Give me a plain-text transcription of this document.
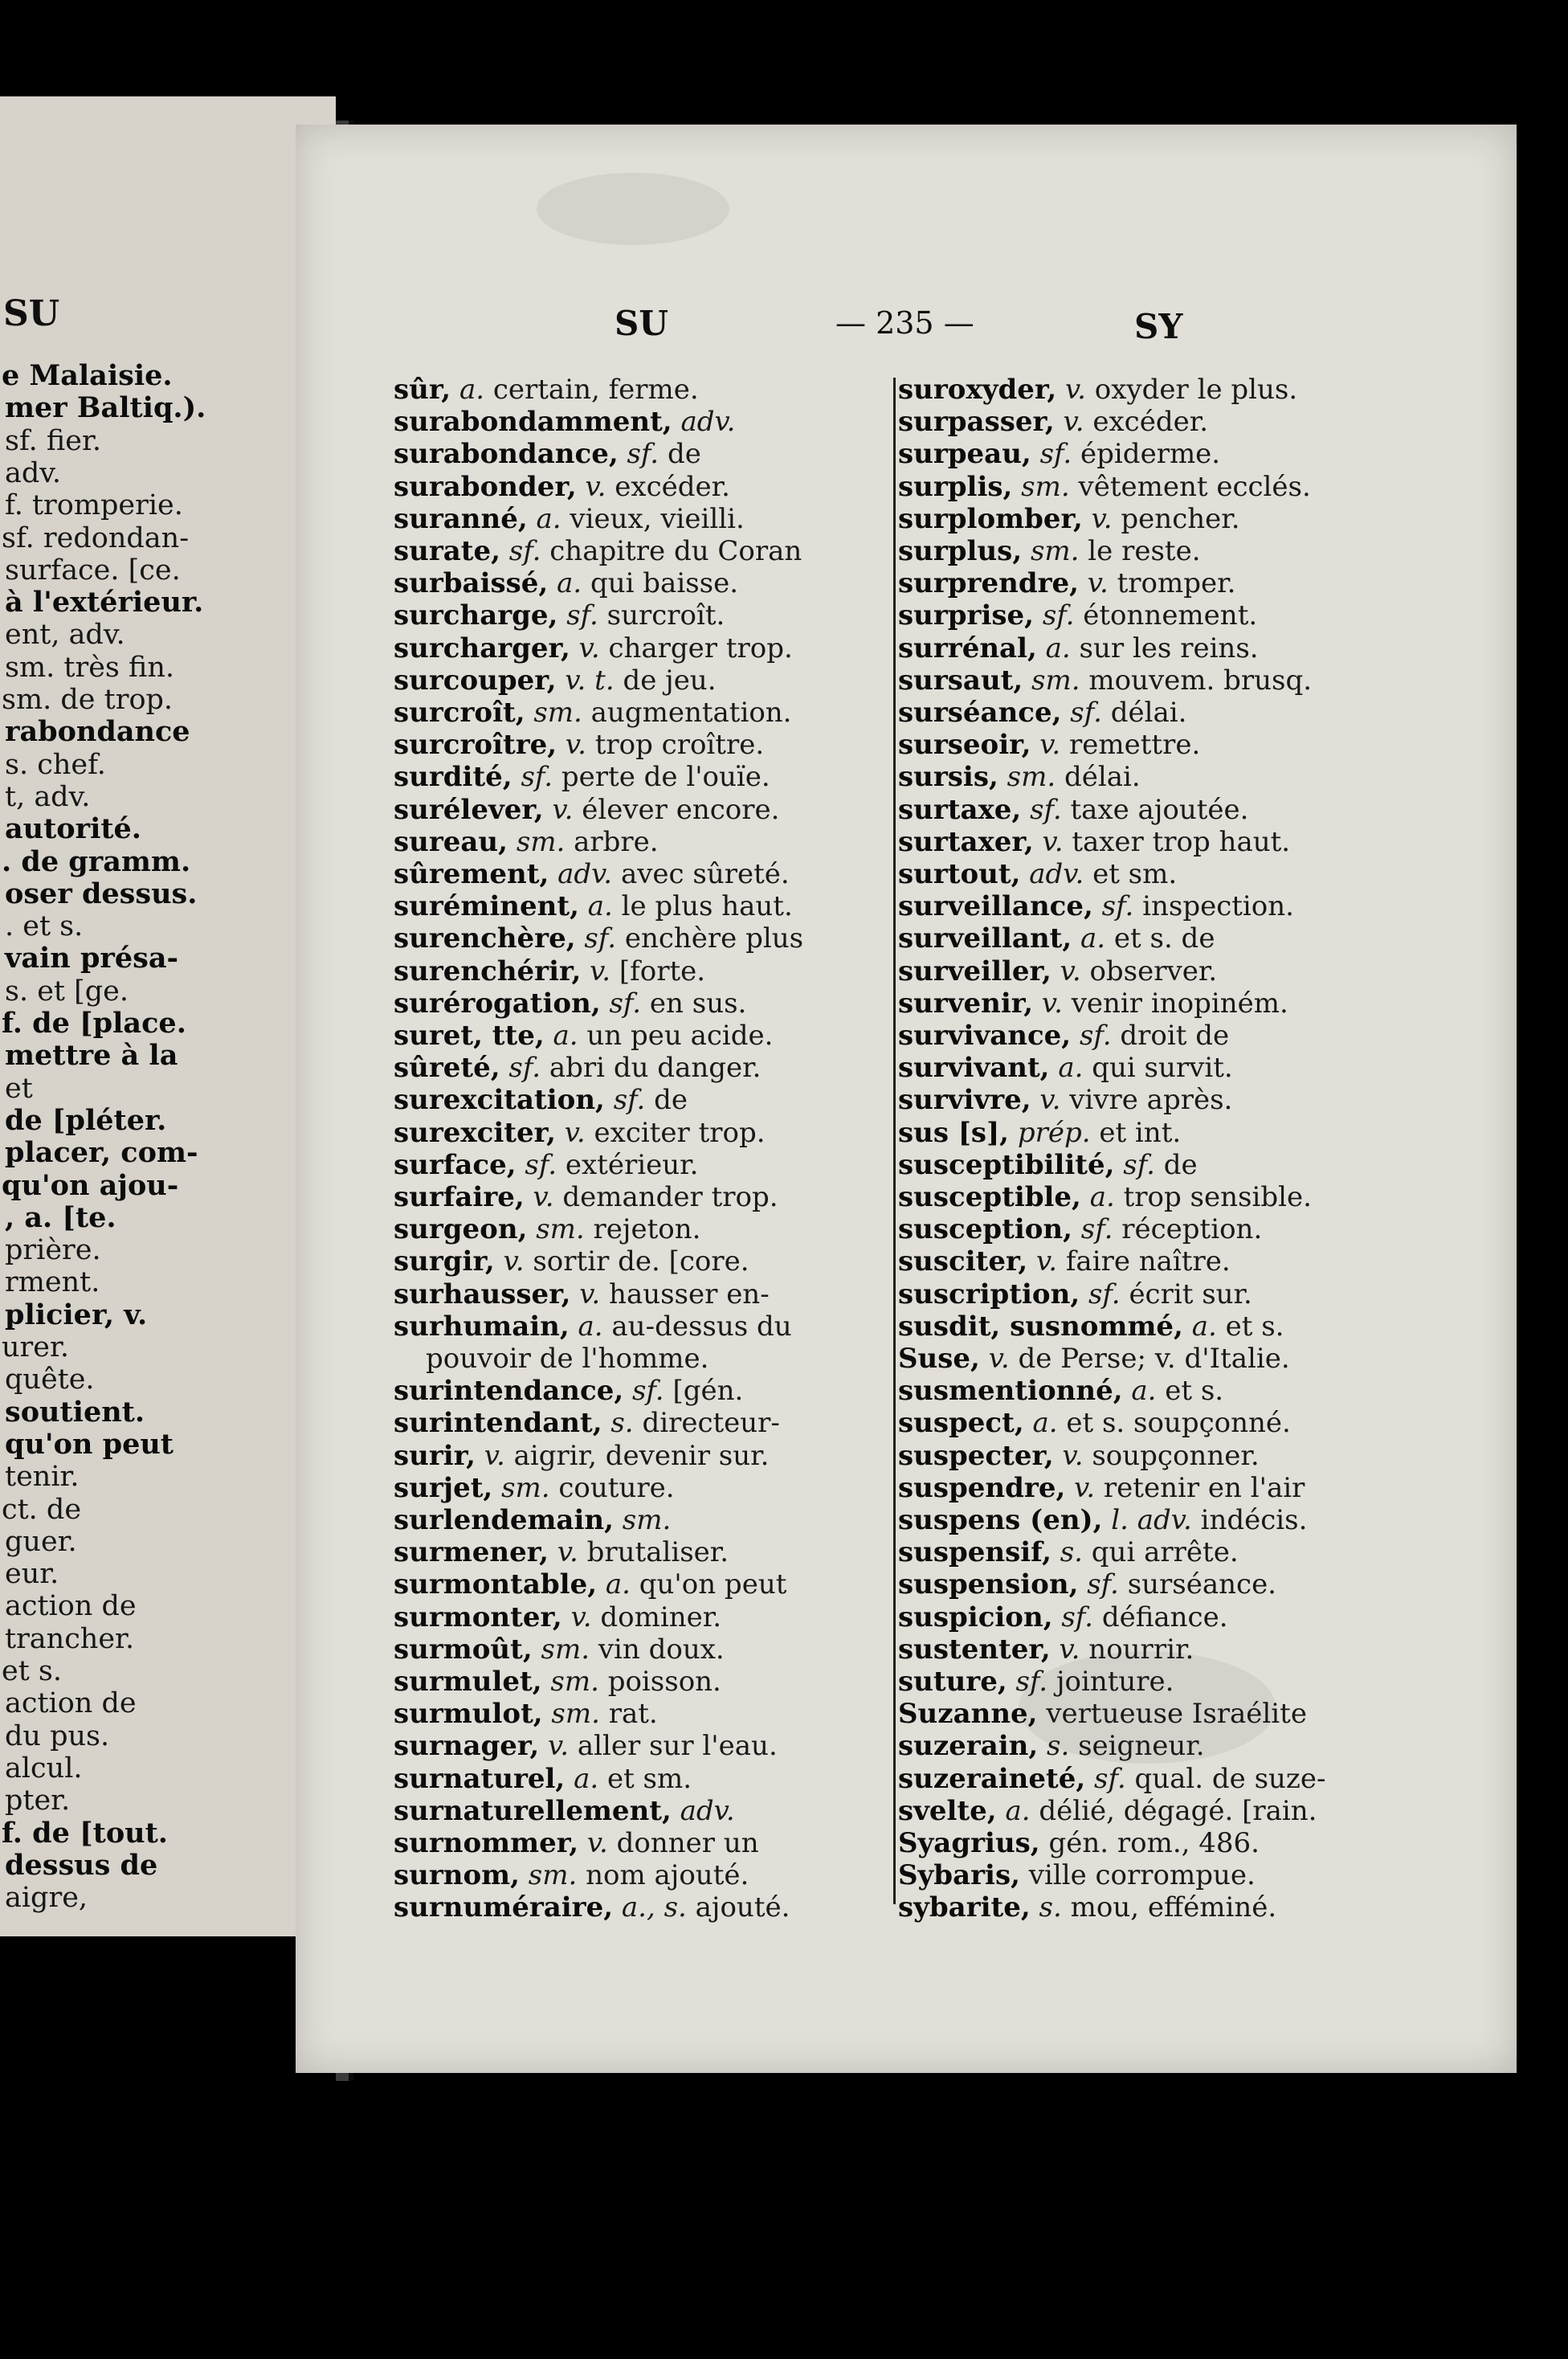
SU
e Malaisie.
mer Baltiq.).
sf. fier.
adv.
f. tromperie.
sf. redondan-
surface. [ce.
à l'extérieur.
ent, adv.
sm. très fin.
sm. de trop.
rabondance
s. chef.
t, adv.
autorité.
. de gramm.
oser dessus.
. et s.
vain présa-
s. et [ge.
f. de [place.
mettre à la
et
de [pléter.
placer, com-
qu'on ajou-
, a. [te.
prière.
rment.
plicier, v.
urer.
quête.
soutient.
qu'on peut
tenir.
ct. de
guer.
eur.
action de
trancher.
et s.
action de
du pus.
alcul.
pter.
f. de [tout.
dessus de
aigre,
SU	— 235 —	SY
sûr, a. certain, ferme.
surabondamment, adv.
surabondance, sf. de
surabonder, v. excéder.
suranné, a. vieux, vieilli.
surate, sf. chapitre du Coran
surbaissé, a. qui baisse.
surcharge, sf. surcroît.
surcharger, v. charger trop.
surcouper, v. t. de jeu.
surcroît, sm. augmentation.
surcroître, v. trop croître.
surdité, sf. perte de l'ouïe.
surélever, v. élever encore.
sureau, sm. arbre.
sûrement, adv. avec sûreté.
suréminent, a. le plus haut.
surenchère, sf. enchère plus
surenchérir, v. [forte.
surérogation, sf. en sus.
suret, tte, a. un peu acide.
sûreté, sf. abri du danger.
surexcitation, sf. de
surexciter, v. exciter trop.
surface, sf. extérieur.
surfaire, v. demander trop.
surgeon, sm. rejeton.
surgir, v. sortir de. [core.
surhausser, v. hausser en-
surhumain, a. au-dessus du
pouvoir de l'homme.
surintendance, sf. [gén.
surintendant, s. directeur-
surir, v. aigrir, devenir sur.
surjet, sm. couture.
surlendemain, sm.
surmener, v. brutaliser.
surmontable, a. qu'on peut
surmonter, v. dominer.
surmoût, sm. vin doux.
surmulet, sm. poisson.
surmulot, sm. rat.
surnager, v. aller sur l'eau.
surnaturel, a. et sm.
surnaturellement, adv.
surnommer, v. donner un
surnom, sm. nom ajouté.
surnuméraire, a., s. ajouté.
suroxyder, v. oxyder le plus.
surpasser, v. excéder.
surpeau, sf. épiderme.
surplis, sm. vêtement ecclés.
surplomber, v. pencher.
surplus, sm. le reste.
surprendre, v. tromper.
surprise, sf. étonnement.
surrénal, a. sur les reins.
sursaut, sm. mouvem. brusq.
surséance, sf. délai.
surseoir, v. remettre.
sursis, sm. délai.
surtaxe, sf. taxe ajoutée.
surtaxer, v. taxer trop haut.
surtout, adv. et sm.
surveillance, sf. inspection.
surveillant, a. et s. de
surveiller, v. observer.
survenir, v. venir inopiném.
survivance, sf. droit de
survivant, a. qui survit.
survivre, v. vivre après.
sus [s], prép. et int.
susceptibilité, sf. de
susceptible, a. trop sensible.
susception, sf. réception.
susciter, v. faire naître.
suscription, sf. écrit sur.
susdit, susnommé, a. et s.
Suse, v. de Perse; v. d'Italie.
susmentionné, a. et s.
suspect, a. et s. soupçonné.
suspecter, v. soupçonner.
suspendre, v. retenir en l'air
suspens (en), l. adv. indécis.
suspensif, s. qui arrête.
suspension, sf. surséance.
suspicion, sf. défiance.
sustenter, v. nourrir.
suture, sf. jointure.
Suzanne, vertueuse Israélite
suzerain, s. seigneur.
suzeraineté, sf. qual. de suze-
svelte, a. délié, dégagé. [rain.
Syagrius, gén. rom., 486.
Sybaris, ville corrompue.
sybarite, s. mou, efféminé.
